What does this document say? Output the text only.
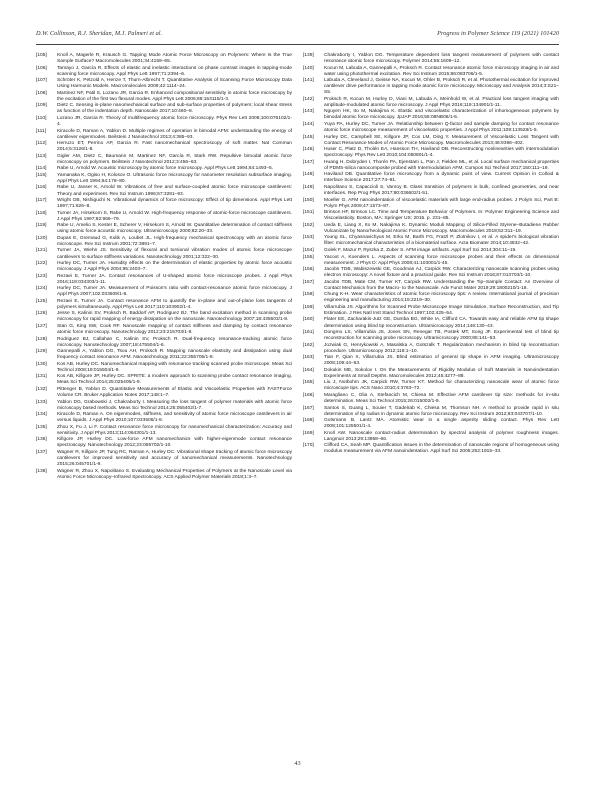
D.W. Collinson, R.J. Sheridan, M.J. Palmeri et al.	Progress in Polymer Science 119 (2021) 101420
[105]	Knoll A, Magerle R, Krausch G. Tapping Mode Atomic Force Microscopy on Polymers: Where Is the True Sample Surface? Macromolecules 2001;34:4159–65.
[106]	Tamayo J, García R. Effects of elastic and inelastic interactions on phase contrast images in tapping-mode scanning force microscopy. Appl Phys Lett 1997;71:2394–6.
[107]	Schröter K, Petzold A, Henze T, Thurn-Albrecht T. Quantitative Analysis of Scanning Force Microscopy Data Using Harmonic Models. Macromolecules 2009;42:1114–24.
[108]	Martinez NF, Patil S, Lozano JR, Garcia R. Enhanced compositional sensitivity in atomic force microscopy by the excitation of the first two flexural modes. Appl Phys Lett 2006;89:153115/1-3.
[109]	Dietz C. Sensing in-plane nanomechanical surface and sub-surface properties of polymers: local shear stress as function of the indentation depth. Nanoscale 2017;10:460–8.
[110]	Lozano JR, Garcia R. Theory of multifrequency atomic force microscopy. Phys Rev Lett 2008;100:076102/1-4.
[111]	Kiracofe D, Raman A, Yablon D. Multiple regimes of operation in bimodal AFM: understanding the energy of cantilever eigenmodes. Beilstein J Nanotechnol 2013;4:385–93.
[112]	Herruzo ET, Perrino AP, Garcia R. Fast nanomechanical spectroscopy of soft matter. Nat Commun 2014;5:3126/1-8.
[113]	Gigler AM, Dietz C, Baumann M, Martinez NF, García R, Stark RW. Repulsive bimodal atomic force microscopy on polymers. Beilstein J Nanotechnol 2012;3:456–63.
[114]	Rabe U, Arnold W. Acoustic microscopy by atomic force microscopy. Appl Phys Lett 1994;64:1493–5.
[115]	Yamanaka K, Ogiso H, Kolosov O. Ultrasonic force microscopy for nanometer resolution subsurface imaging. Appl Phys Lett 1994;64:178–80.
[116]	Rabe U, Janser K, Arnold W. Vibrations of free and surface-coupled atomic force microscope cantilevers: Theory and experiment. Rev Sci Instrum 1996;67:3281–93.
[117]	Wright OB, Nishiguchi N. Vibrational dynamics of force microscopy: Effect of tip dimensions. Appl Phys Lett 1997;71:626–8.
[118]	Turner JA, Hirsekorn S, Rabe U, Arnold W. High-frequency response of atomic-force microscope cantilevers. J Appl Phys 1997;82:966–79.
[119]	Rabe U, Amelio S, Kester E, Scherer V, Hirsekorn S, Arnold W. Quantitative determination of contact stiffness using atomic force acoustic microscopy. Ultramicroscopy 2000;82:20–33.
[120]	Dupas E, Gremaud G, Kulik A, Loubet JL. High-frequency mechanical spectroscopy with an atomic force microscope. Rev Sci Instrum 2001;72:3891–7.
[121]	Turner JA, Wiehn JS. Sensitivity of flexural and torsional vibration modes of atomic force microscope cantilevers to surface stiffness variations. Nanotechnology 2001;12:322–30.
[122]	Hurley DC, Turner JA. Humidity effects on the determination of elastic properties by atomic force acoustic microscopy. J Appl Phys 2004;95:2403–7.
[123]	Rezaei E, Turner JA. Contact resonances of U-shaped atomic force microscope probes. J Appl Phys 2016;119:034303/1-11.
[124]	Hurley DC, Turner JA. Measurement of Poisson's ratio with contact-resonance atomic force microscopy. J Appl Phys 2007;102:033509/1-8.
[125]	Rezaei E, Turner JA. Contact resonance AFM to quantify the in-plane and out-of-plane loss tangents of polymers simultaneously. Appl Phys Lett 2017;110:103902/1-4.
[126]	Jesse S, Kalinin SV, Proksch R, Baddorf AP, Rodriguez BJ. The band excitation method in scanning probe microscopy for rapid mapping of energy dissipation on the nanoscale. Nanotechnology 2007;18:435503/1-8.
[127]	Stan G, King SW, Cook RF. Nanoscale mapping of contact stiffness and damping by contact resonance atomic force microscopy. Nanotechnology 2012;23:215703/1-9.
[128]	Rodriguez BJ, Callahan C, Kalinin SV, Proksch R. Dual-frequency resonance-tracking atomic force microscopy. Nanotechnology 2007;18:475504/1-6.
[129]	Gannepalli A, Yablon DG, Tsou AH, Proksch R. Mapping nanoscale elasticity and dissipation using dual frequency contact resonance AFM. Nanotechnology 2011;22:355705/1-8.
[130]	Kos AB, Hurley DC. Nanomechanical mapping with resonance tracking scanned probe microscope. Meas Sci Technol 2008;19:015504/1-9.
[131]	Kos AB, Killgore JP, Hurley DC. SPRITE: a modern approach to scanning probe contact resonance imaging. Meas Sci Technol 2014;25:025405/1-9.
[132]	Pittenger B, Yablon D. Quantitative Measurements of Elastic and Viscoelastic Properties with FASTForce Volume CR. Bruker Application Notes 2017;148:1–7.
[133]	Yablon DG, Grabowski J, Chakraborty I. Measuring the loss tangent of polymer materials with atomic force microscopy based methods. Meas Sci Technol 2014;25:055402/1-7.
[134]	Kiracofe D, Raman A. On eigenmodes, stiffness, and sensitivity of atomic force microscope cantilevers in air versus liquids. J Appl Phys 2010;107:033506/1-9.
[135]	Zhou X, Fu J, Li F. Contact resonance force microscopy for nanomechanical characterization: Accuracy and sensitivity. J Appl Phys 2013;114:064301/1-13.
[136]	Killgore JP, Hurley DC. Low-force AFM nanomechanics with higher-eigenmode contact resonance spectroscopy. Nanotechnology 2012;23:055702/1-10.
[137]	Wagner R, Killgore JP, Tung RC, Raman A, Hurley DC. Vibrational shape tracking of atomic force microscopy cantilevers for improved sensitivity and accuracy of nanomechanical measurements. Nanotechnology 2015;26:045701/1-9.
[138]	Wagner R, Zhou X, Napolitano S. Evaluating Mechanical Properties of Polymers at the Nanoscale Level via Atomic Force Microscopy–Infrared Spectroscopy. ACS Applied Polymer Materials 2018;1:3–7.
[139]	Chakraborty I, Yablon DG. Temperature dependent loss tangent measurement of polymers with contact resonance atomic force microscopy. Polymer 2014;55:1609–12.
[140]	Kocun M, Labuda A, Gannepalli A, Proksch R. Contact resonance atomic force microscopy imaging in air and water using photothermal excitation. Rev Sci Instrum 2015;86:083706/1-5.
[141]	Labuda A, Cleveland J, Geisse NA, Kocun M, Ohler B, Proksch R, et al. Photothermal excitation for improved cantilever drive performance in tapping mode atomic force microscopy. Microscopy and Analysis 2014;3:S21–S5.
[142]	Proksch R, Kocun M, Hurley D, Viani M, Labuda A, Meinhold W, et al. Practical loss tangent imaging with amplitude-modulated atomic force microscopy. J Appl Phys 2016;119:134901/1-11.
[143]	Nguyen HK, Ito M, Nakajima K. Elastic and viscoelastic characterization of inhomogeneous polymers by bimodal atomic force microscopy. JpJAP 2016;55:08NB06/1-6.
[144]	Yuya PA, Hurley DC, Turner JA. Relationship between Q-factor and sample damping for contact resonance atomic force microscope measurement of viscoelastic properties. J Appl Phys 2011;109:113528/1-5.
[145]	Hurley DC, Campbell SE, Killgore JP, Cox LM, Ding Y. Measurement of Viscoelastic Loss Tangent with Contact Resonance Modes of Atomic Force Microscopy. Macromolecules 2013;46:9396–402.
[146]	Huser C, Platz D, Tholén EA, Hansson TH, Haviland DB. Reconstructing nonlinearities with intermodulation spectroscopy. Phys Rev Lett 2010;104:050801/1-4.
[147]	Huang H, Dobryden I, Thorén PA, Ejenstam L, Pan J, Fielden ML, et al. Local surface mechanical properties of PDMS-silica nanocomposite probed with Intermodulation AFM. Compos Sci Technol 2017;150:111–19.
[148]	Haviland DB. Quantitative force microscopy from a dynamic point of view. Current Opinion in Colloid & Interface Science 2017;27:74–81.
[149]	Napolitano S, Capaccioli S, Vanroy B. Glass transition of polymers in bulk, confined geometries, and near interfaces. Rep Prog Phys 2017;80:036602/1-51.
[150]	Moeller G. AFM nanoindentation of viscoelastic materials with large end-radius probes. J Polym Sci, Part B: Polym Phys 2009;47:1573–87.
[151]	Brinson HF, Brinson LC. Time and Temperature Behavior of Polymers. In: Polymer Engineering Science and Viscoelasticity. Boston, MA: Springer US; 2015. p. 231–85.
[152]	Ueda E, Liang X, Ito M, Nakajima K. Dynamic Moduli Mapping of Silica-Filled Styrene–Butadiene Rubber Vulcanizate by Nanorheological Atomic Force Microscopy. Macromolecules 2018;52:311–19.
[153]	Young SL, Chyasnavichyus M, Erko M, Barth FG, Fratzl P, Zlotnikov I, et al. A spider's biological vibration filter: micromechanical characteristics of a biomaterial surface. Acta Biomater 2014;10:4832–42.
[154]	Golek F, Mazur P, Ryszka Z, Zuber S. AFM image artifacts. Appl Surf Sci 2014;304:11–19.
[155]	Yacoot A, Koenders L. Aspects of scanning force microscope probes and their effects on dimensional measurement. J Phys D: Appl Phys 2008;41:103001/1-46.
[156]	Jacobs TDB, Wabiszewski GE, Goodman AJ, Carpick RW. Characterizing nanoscale scanning probes using electron microscopy: A novel fixture and a practical guide. Rev Sci Instrum 2016;87:013703/1-10.
[157]	Jacobs TDB, Mate CM, Turner KT, Carpick RW. Understanding the Tip–Sample Contact: An Overview of Contact Mechanics from the Macro- to the Nanoscale. Adv Funct Mater 2019;29:1800210/1-18.
[158]	Chung K-H. Wear characteristics of atomic force microscopy tips: A review. International journal of precision engineering and manufacturing 2014;15:2219–30.
[159]	Villarrubia JS. Algorithms for Scanned Probe Microscope Image Simulation, Surface Reconstruction, and Tip Estimation. J Res Natl Inst Stand Technol 1997;102:425–54.
[160]	Flater EE, Zacharakis-Jutz GE, Dumba BG, White IA, Clifford CA. Towards easy and reliable AFM tip shape determination using blind tip reconstruction. Ultramicroscopy 2014;146:130–43.
[161]	Dongmo LS, Villarrubia JS, Jones SN, Renegar TB, Postek MT, Song JF. Experimental test of blind tip reconstruction for scanning probe microscopy. Ultramicroscopy 2000;85:141–53.
[162]	Jozwiak G, Henrykowski A, Masalska A, Gotszalk T. Regularization mechanism in blind tip reconstruction procedure. Ultramicroscopy 2012;118:1–10.
[163]	Tian F, Qian X, Villarrubia JS. Blind estimation of general tip shape in AFM imaging. Ultramicroscopy 2008;109:44–53.
[164]	Dokukin ME, Sokolov I. On the Measurements of Rigidity Modulus of Soft Materials in Nanoindentation Experiments at Small Depths. Macromolecules 2012;45:4277–88.
[165]	Liu J, Notbohm JK, Carpick RW, Turner KT. Method for characterizing nanoscale wear of atomic force microscope tips. ACS Nano 2010;4:3763–72.
[166]	Maragliano C, Glia A, Stefancich M, Chiesa M. Effective AFM cantilever tip size: methods for in-situ determination. Meas Sci Technol 2015;26:015002/1-9.
[167]	Santos S, Guang L, Souier T, Gadelrab K, Chiesa M, Thomson NH. A method to provide rapid in situ determination of tip radius in dynamic atomic force microscopy. Rev Sci Instrum 2012;83:043707/1-10.
[168]	Gotsmann B, Lantz MA. Atomistic wear in a single asperity sliding contact. Phys Rev Lett 2008;101:125501/1-4.
[169]	Knoll AW. Nanoscale contact-radius determination by spectral analysis of polymer roughness images. Langmuir 2013;29:13958–66.
[170]	Clifford CA, Seah MP. Quantification issues in the determination of nanoscale regions of homogeneous using modulus measurement via AFM nanoindentation. Appl Surf Sci 2005;252:1915–33.
43
